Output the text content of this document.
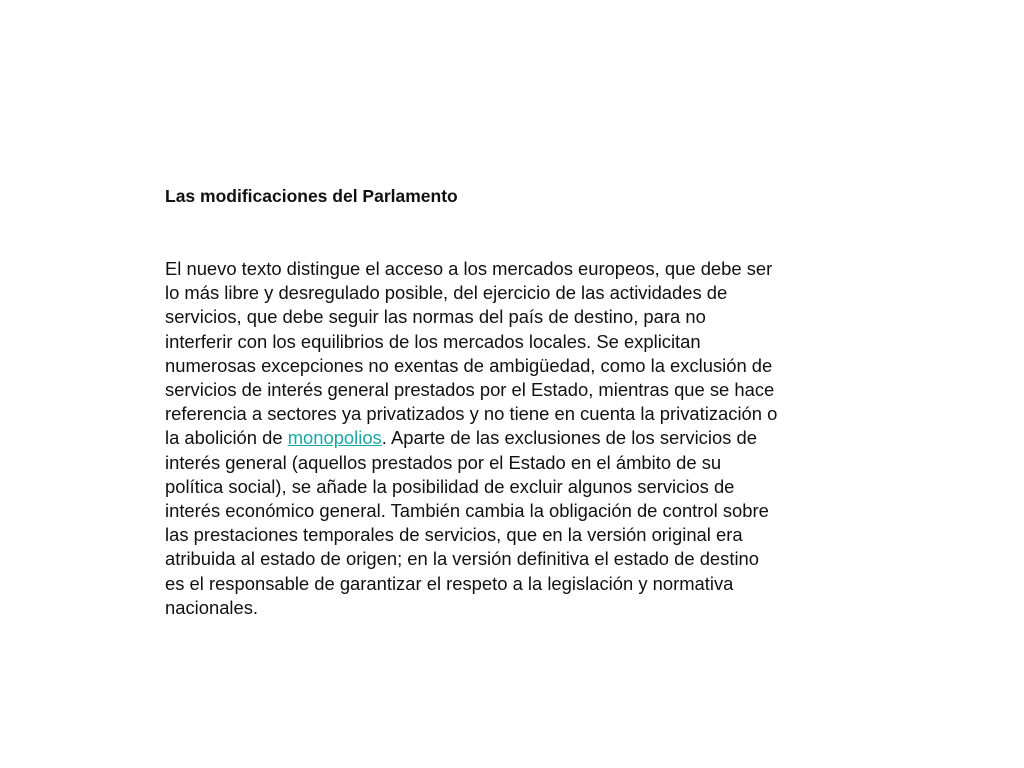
Las modificaciones del Parlamento
El nuevo texto distingue el acceso a los mercados europeos, que debe ser
lo más libre y desregulado posible, del ejercicio de las actividades de
servicios, que debe seguir las normas del país de destino, para no
interferir con los equilibrios de los mercados locales. Se explicitan
numerosas excepciones no exentas de ambigüedad, como la exclusión de
servicios de interés general prestados por el Estado, mientras que se hace
referencia a sectores ya privatizados y no tiene en cuenta la privatización o
la abolición de monopolios. Aparte de las exclusiones de los servicios de
interés general (aquellos prestados por el Estado en el ámbito de su
política social), se añade la posibilidad de excluir algunos servicios de
interés económico general. También cambia la obligación de control sobre
las prestaciones temporales de servicios, que en la versión original era
atribuida al estado de origen; en la versión definitiva el estado de destino
es el responsable de garantizar el respeto a la legislación y normativa
nacionales.
